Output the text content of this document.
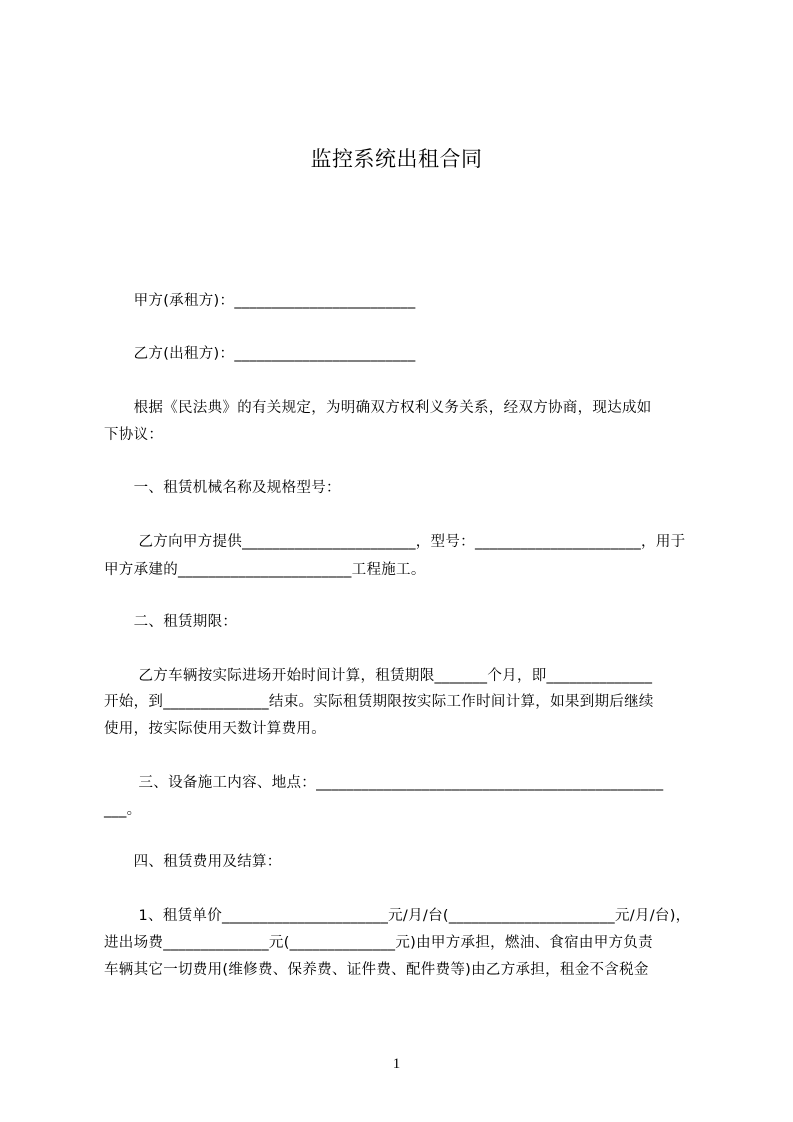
监控系统出租合同
　　甲方(承租方)：________________________
　　乙方(出租方)：________________________
　　根据《民法典》的有关规定，为明确双方权利义务关系，经双方协商，现达成如
下协议：
　　一、租赁机械名称及规格型号：
　　 乙方向甲方提供_______________________，型号：______________________，用于
甲方承建的_______________________工程施工。
　　二、租赁期限：
　　 乙方车辆按实际进场开始时间计算，租赁期限_______个月，即______________
开始，到______________结束。实际租赁期限按实际工作时间计算，如果到期后继续
使用，按实际使用天数计算费用。
　　 三、设备施工内容、地点：______________________________________________
___。
　　四、租赁费用及结算：
　　 1、租赁单价______________________元/月/台(______________________元/月/台)，
进出场费______________元(______________元)由甲方承担，燃油、食宿由甲方负责
车辆其它一切费用(维修费、保养费、证件费、配件费等)由乙方承担，租金不含税金
1
